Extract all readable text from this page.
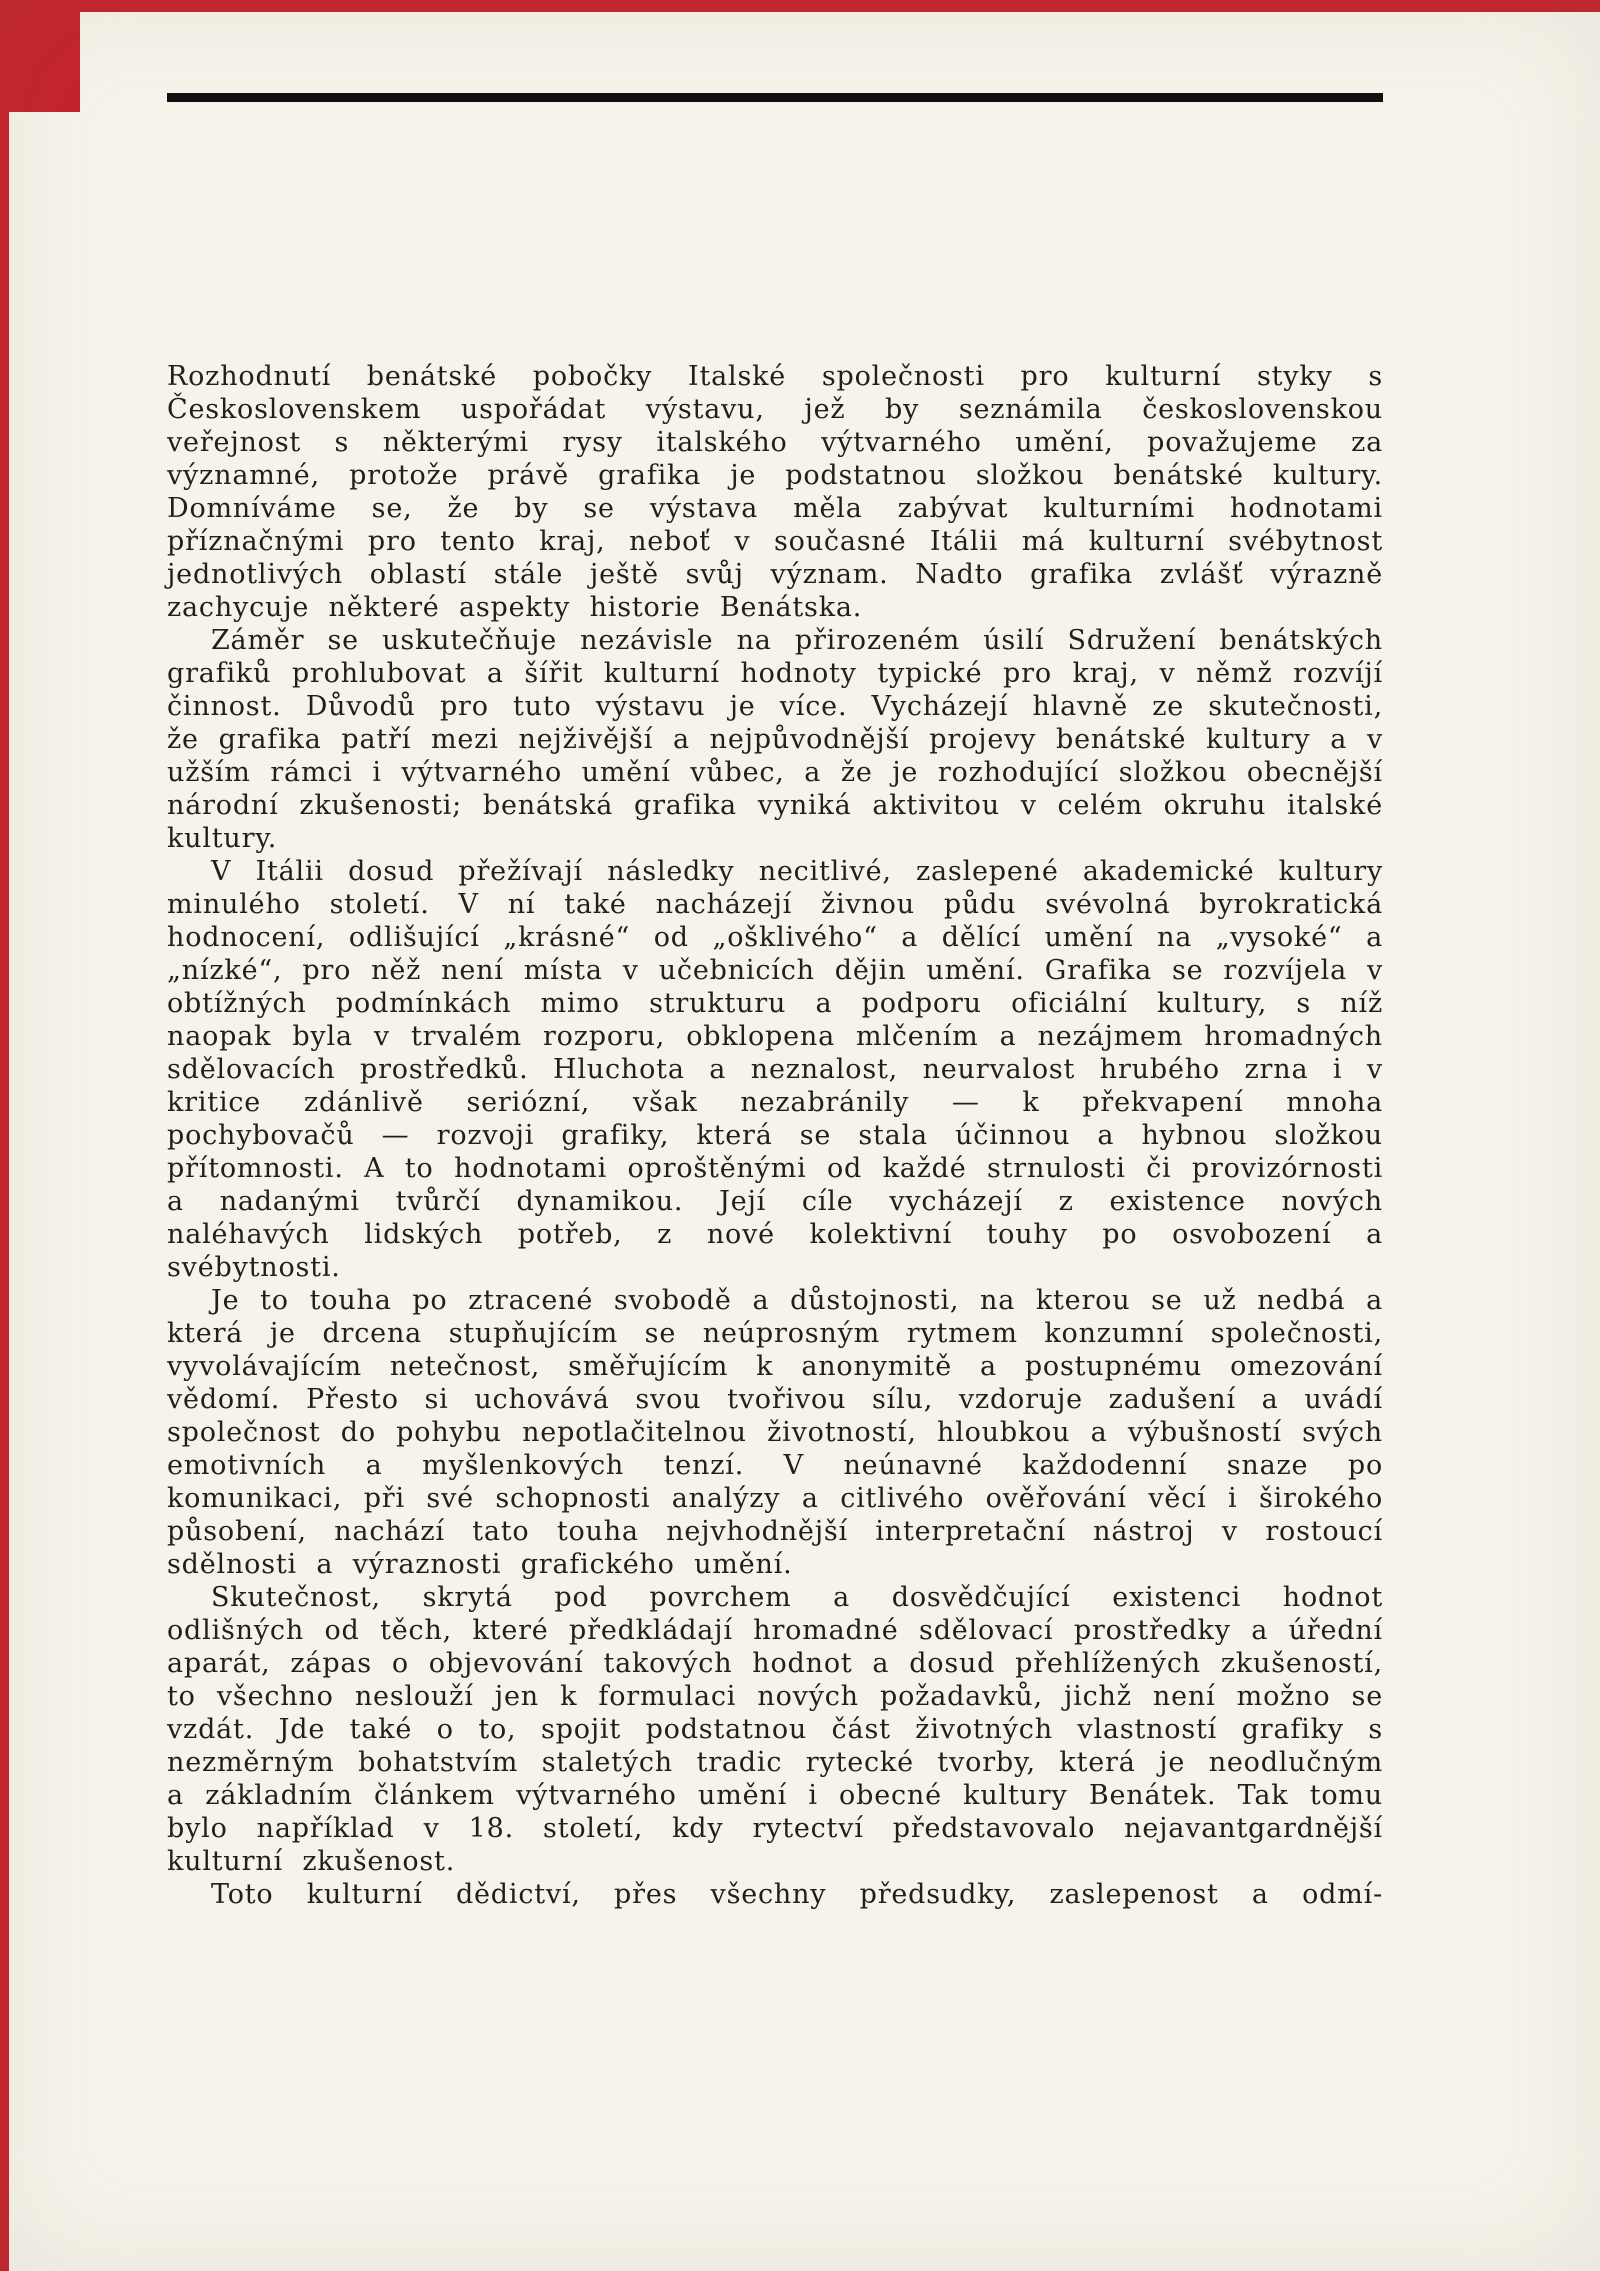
Rozhodnutí benátské pobočky Italské společnosti pro kulturní styky s Československem uspořádat výstavu, jež by seznámila československou veřejnost s některými rysy italského výtvarného umění, považujeme za významné, protože právě grafika je podstatnou složkou benátské kultury. Domníváme se, že by se výstava měla zabývat kulturními hodnotami příznačnými pro tento kraj, neboť v současné Itálii má kulturní svébytnost jednotlivých oblastí stále ještě svůj význam. Nadto grafika zvlášť výrazně zachycuje některé aspekty historie Benátska.

Záměr se uskutečňuje nezávisle na přirozeném úsilí Sdružení benátských grafiků prohlubovat a šířit kulturní hodnoty typické pro kraj, v němž rozvíjí činnost. Důvodů pro tuto výstavu je více. Vycházejí hlavně ze skutečnosti, že grafika patří mezi nejživější a nejpůvodnější projevy benátské kultury a v užším rámci i výtvarného umění vůbec, a že je rozhodující složkou obecnější národní zkušenosti; benátská grafika vyniká aktivitou v celém okruhu italské kultury.

V Itálii dosud přežívají následky necitlivé, zaslepené akademické kultury minulého století. V ní také nacházejí živnou půdu svévolná byrokratická hodnocení, odlišující „krásné“ od „ošklivého“ a dělící umění na „vysoké“ a „nízké“, pro něž není místa v učebnicích dějin umění. Grafika se rozvíjela v obtížných podmínkách mimo strukturu a podporu oficiální kultury, s níž naopak byla v trvalém rozporu, obklopena mlčením a nezájmem hromadných sdělovacích prostředků. Hluchota a neznalost, neurvalost hrubého zrna i v kritice zdánlivě seriózní, však nezabránily — k překvapení mnoha pochybovačů — rozvoji grafiky, která se stala účinnou a hybnou složkou přítomnosti. A to hodnotami oproštěnými od každé strnulosti či provizórnosti a nadanými tvůrčí dynamikou. Její cíle vycházejí z existence nových naléhavých lidských potřeb, z nové kolektivní touhy po osvobození a svébytnosti.

Je to touha po ztracené svobodě a důstojnosti, na kterou se už nedbá a která je drcena stupňujícím se neúprosným rytmem konzumní společnosti, vyvolávajícím netečnost, směřujícím k anonymitě a postupnému omezování vědomí. Přesto si uchovává svou tvořivou sílu, vzdoruje zadušení a uvádí společnost do pohybu nepotlačitelnou životností, hloubkou a výbušností svých emotivních a myšlenkových tenzí. V neúnavné každodenní snaze po komunikaci, při své schopnosti analýzy a citlivého ověřování věcí i širokého působení, nachází tato touha nejvhodnější interpretační nástroj v rostoucí sdělnosti a výraznosti grafického umění.

Skutečnost, skrytá pod povrchem a dosvědčující existenci hodnot odlišných od těch, které předkládají hromadné sdělovací prostředky a úřední aparát, zápas o objevování takových hodnot a dosud přehlížených zkušeností, to všechno neslouží jen k formulaci nových požadavků, jichž není možno se vzdát. Jde také o to, spojit podstatnou část životných vlastností grafiky s nezměrným bohatstvím staletých tradic rytecké tvorby, která je neodlučným a základním článkem výtvarného umění i obecné kultury Benátek. Tak tomu bylo například v 18. století, kdy rytectví představovalo nejavantgardnější kulturní zkušenost.

Toto kulturní dědictví, přes všechny předsudky, zaslepenost a odmí-
